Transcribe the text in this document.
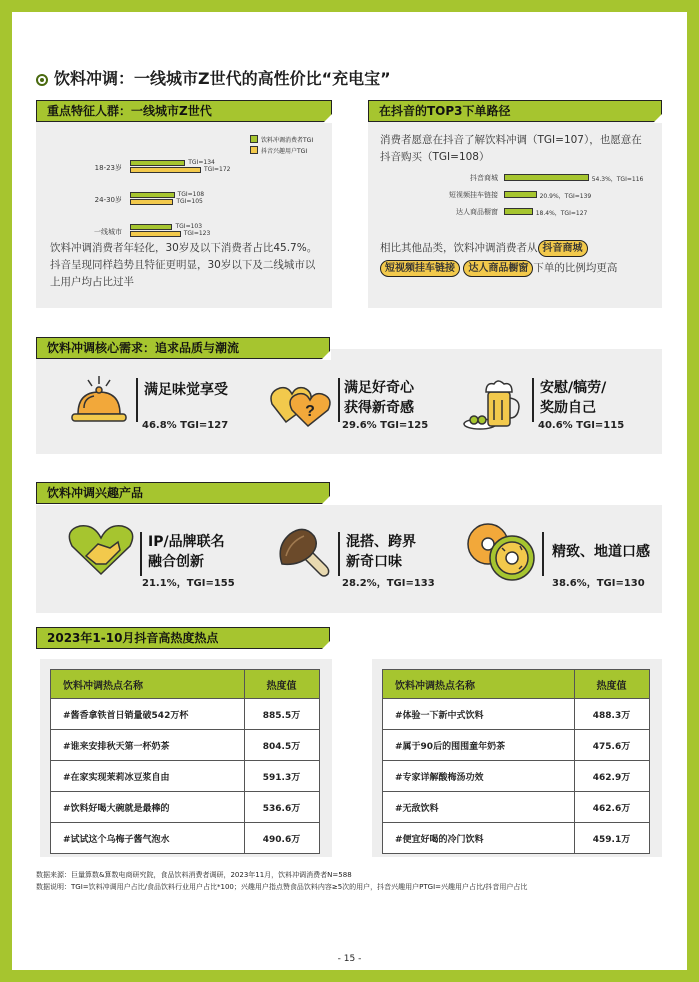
饮料冲调：一线城市Z世代的高性价比“充电宝”
重点特征人群：一线城市Z世代
饮料冲调消费者TGI
抖音兴趣用户TGI
18-23岁
TGI=134
TGI=172
24-30岁
TGI=108
TGI=105
一线城市
TGI=103
TGI=123
饮料冲调消费者年轻化，30岁及以下消费者占比45.7%。抖音呈现同样趋势且特征更明显，30岁以下及二线城市以上用户均占比过半
在抖音的TOP3下单路径
消费者愿意在抖音了解饮料冲调（TGI=107），也愿意在抖音购买（TGI=108）
抖音商城	54.3%，TGI=116
短视频挂车链接	20.9%，TGI=139
达人商品橱窗	18.4%，TGI=127
相比其他品类，饮料冲调消费者从 抖音商城
短视频挂车链接 达人商品橱窗 下单的比例均更高
饮料冲调核心需求：追求品质与潮流
满足味觉享受
46.8% TGI=127
?
满足好奇心
获得新奇感
29.6% TGI=125
安慰/犒劳/
奖励自己
40.6% TGI=115
饮料冲调兴趣产品
IP/品牌联名
融合创新
21.1%，TGI=155
混搭、跨界
新奇口味
28.2%，TGI=133
精致、地道口感
38.6%，TGI=130
2023年1-10月抖音高热度热点
饮料冲调热点名称	热度值
#酱香拿铁首日销量破542万杯	885.5万
#谁来安排秋天第一杯奶茶	804.5万
#在家实现茉莉冰豆浆自由	591.3万
#饮料好喝大碗就是最棒的	536.6万
#试试这个乌梅子酱气泡水	490.6万
饮料冲调热点名称	热度值
#体验一下新中式饮料	488.3万
#属于90后的囤囤童年奶茶	475.6万
#专家详解酸梅汤功效	462.9万
#无敌饮料	462.6万
#便宜好喝的冷门饮料	459.1万
数据来源：巨量算数&算数电商研究院，食品饮料消费者调研，2023年11月，饮料冲调消费者N=588
数据说明：TGI=饮料冲调用户占比/食品饮料行业用户占比*100；兴趣用户指点赞食品饮料内容≥5次的用户，抖音兴趣用户PTGI=兴趣用户占比/抖音用户占比
- 15 -
